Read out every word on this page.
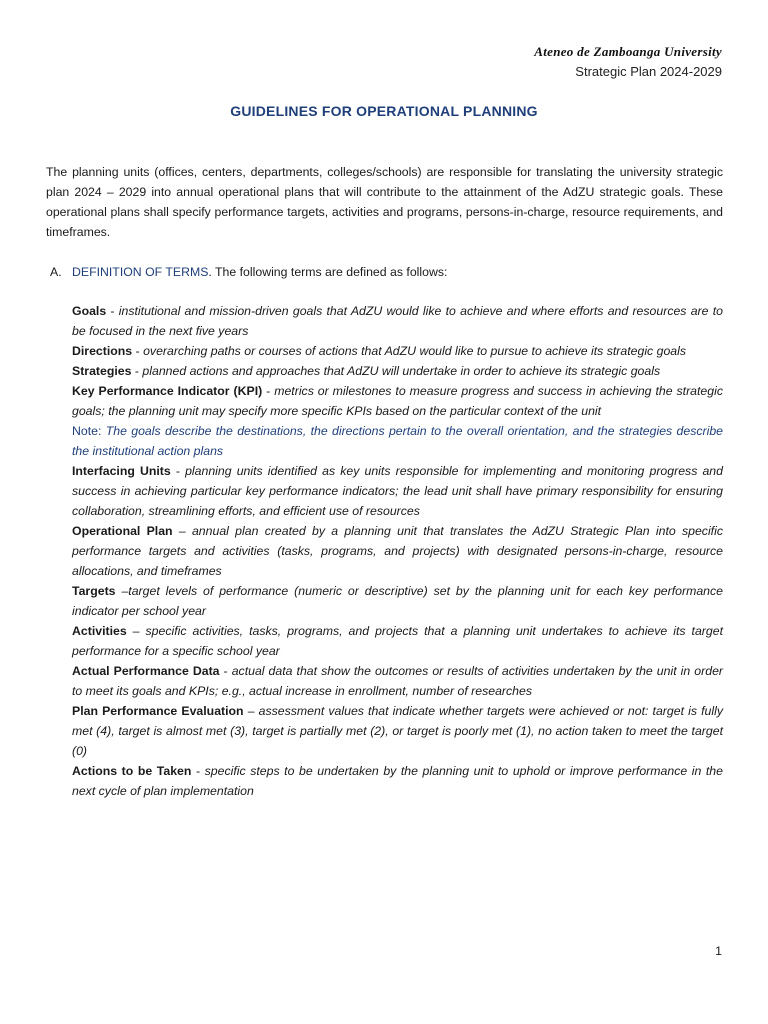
Ateneo de Zamboanga University
Strategic Plan 2024-2029
GUIDELINES FOR OPERATIONAL PLANNING

The planning units (offices, centers, departments, colleges/schools) are responsible for translating the university strategic plan 2024 – 2029 into annual operational plans that will contribute to the attainment of the AdZU strategic goals. These operational plans shall specify performance targets, activities and programs, persons-in-charge, resource requirements, and timeframes.

A. DEFINITION OF TERMS. The following terms are defined as follows:

Goals - institutional and mission-driven goals that AdZU would like to achieve and where efforts and resources are to be focused in the next five years

Directions - overarching paths or courses of actions that AdZU would like to pursue to achieve its strategic goals

Strategies - planned actions and approaches that AdZU will undertake in order to achieve its strategic goals

Key Performance Indicator (KPI) - metrics or milestones to measure progress and success in achieving the strategic goals; the planning unit may specify more specific KPIs based on the particular context of the unit

Note: The goals describe the destinations, the directions pertain to the overall orientation, and the strategies describe the institutional action plans

Interfacing Units - planning units identified as key units responsible for implementing and monitoring progress and success in achieving particular key performance indicators; the lead unit shall have primary responsibility for ensuring collaboration, streamlining efforts, and efficient use of resources

Operational Plan – annual plan created by a planning unit that translates the AdZU Strategic Plan into specific performance targets and activities (tasks, programs, and projects) with designated persons-in-charge, resource allocations, and timeframes

Targets –target levels of performance (numeric or descriptive) set by the planning unit for each key performance indicator per school year

Activities – specific activities, tasks, programs, and projects that a planning unit undertakes to achieve its target performance for a specific school year

Actual Performance Data - actual data that show the outcomes or results of activities undertaken by the unit in order to meet its goals and KPIs; e.g., actual increase in enrollment, number of researches

Plan Performance Evaluation – assessment values that indicate whether targets were achieved or not: target is fully met (4), target is almost met (3), target is partially met (2), or target is poorly met (1), no action taken to meet the target (0)

Actions to be Taken - specific steps to be undertaken by the planning unit to uphold or improve performance in the next cycle of plan implementation

1
